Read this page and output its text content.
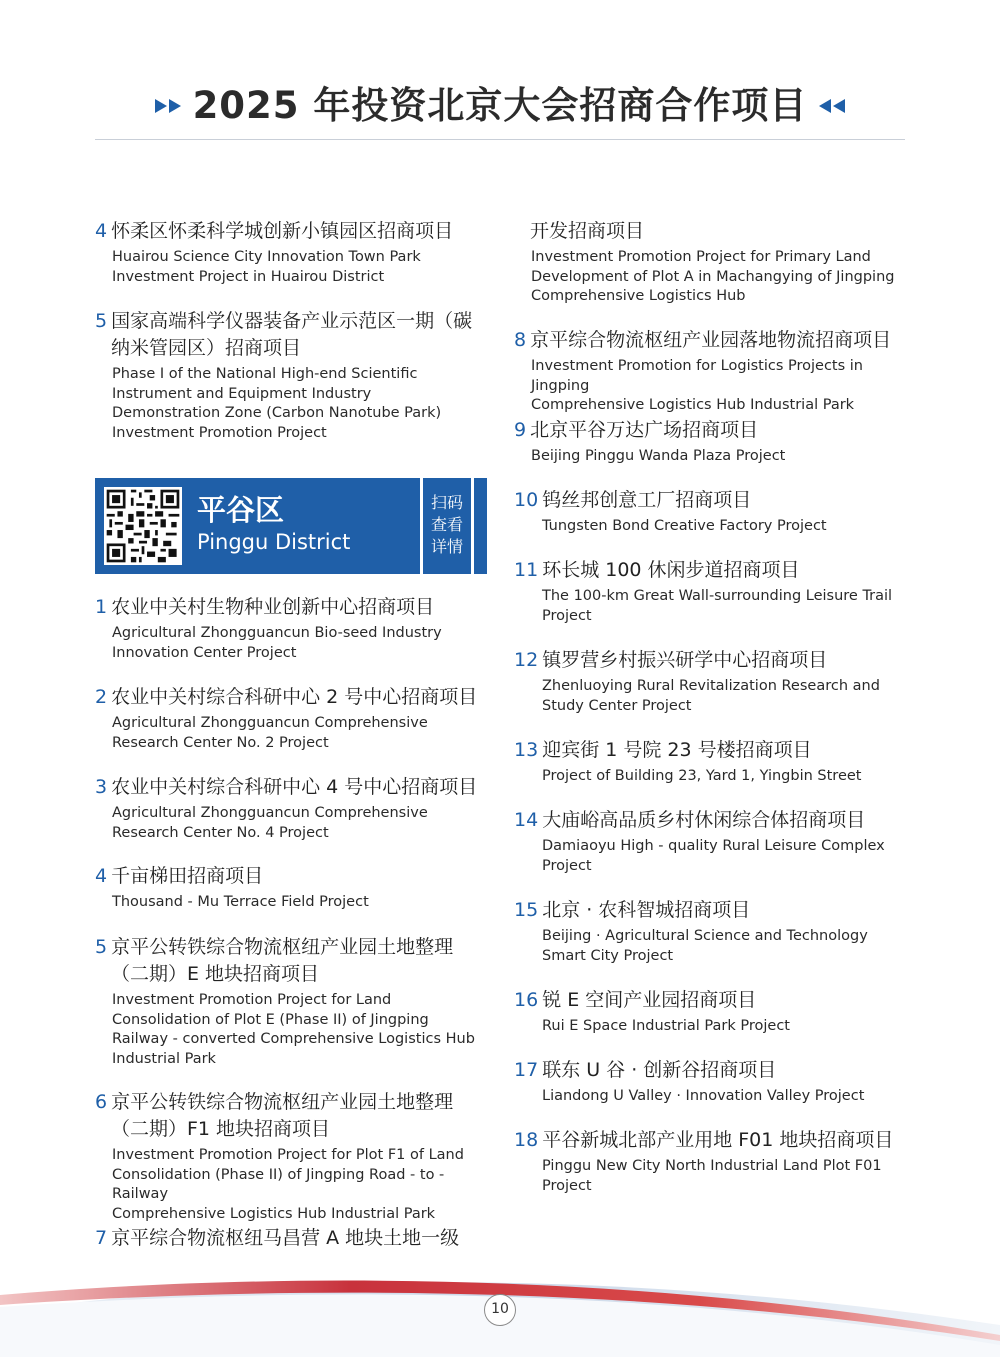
2025 年投资北京大会招商合作项目
4 怀柔区怀柔科学城创新小镇园区招商项目
Huairou Science City Innovation Town Park
Investment Project in Huairou District
5 国家高端科学仪器装备产业示范区一期（碳
纳米管园区）招商项目
Phase I of the National High-end Scientific
Instrument and Equipment Industry
Demonstration Zone (Carbon Nanotube Park)
Investment Promotion Project
1 农业中关村生物种业创新中心招商项目
Agricultural Zhongguancun Bio-seed Industry
Innovation Center Project
2 农业中关村综合科研中心 2 号中心招商项目
Agricultural Zhongguancun Comprehensive
Research Center No. 2 Project
3 农业中关村综合科研中心 4 号中心招商项目
Agricultural Zhongguancun Comprehensive
Research Center No. 4 Project
4 千亩梯田招商项目
Thousand - Mu Terrace Field Project
5 京平公转铁综合物流枢纽产业园土地整理
（二期）E 地块招商项目
Investment Promotion Project for Land
Consolidation of Plot E (Phase II) of Jingping
Railway - converted Comprehensive Logistics Hub
Industrial Park
6 京平公转铁综合物流枢纽产业园土地整理
（二期）F1 地块招商项目
Investment Promotion Project for Plot F1 of Land
Consolidation (Phase II) of Jingping Road - to - Railway
Comprehensive Logistics Hub Industrial Park
7 京平综合物流枢纽马昌营 A 地块土地一级
平谷区
Pinggu District
扫码
查看
详情
开发招商项目
Investment Promotion Project for Primary Land
Development of Plot A in Machangying of Jingping
Comprehensive Logistics Hub
8 京平综合物流枢纽产业园落地物流招商项目
Investment Promotion for Logistics Projects in Jingping
Comprehensive Logistics Hub Industrial Park
9 北京平谷万达广场招商项目
Beijing Pinggu Wanda Plaza Project
10 钨丝邦创意工厂招商项目
Tungsten Bond Creative Factory Project
11 环长城 100 休闲步道招商项目
The 100-km Great Wall-surrounding Leisure Trail
Project
12 镇罗营乡村振兴研学中心招商项目
Zhenluoying Rural Revitalization Research and
Study Center Project
13 迎宾街 1 号院 23 号楼招商项目
Project of Building 23, Yard 1, Yingbin Street
14 大庙峪高品质乡村休闲综合体招商项目
Damiaoyu High - quality Rural Leisure Complex
Project
15 北京 · 农科智城招商项目
Beijing · Agricultural Science and Technology
Smart City Project
16 锐 E 空间产业园招商项目
Rui E Space Industrial Park Project
17 联东 U 谷 · 创新谷招商项目
Liandong U Valley · Innovation Valley Project
18 平谷新城北部产业用地 F01 地块招商项目
Pinggu New City North Industrial Land Plot F01
Project
10
